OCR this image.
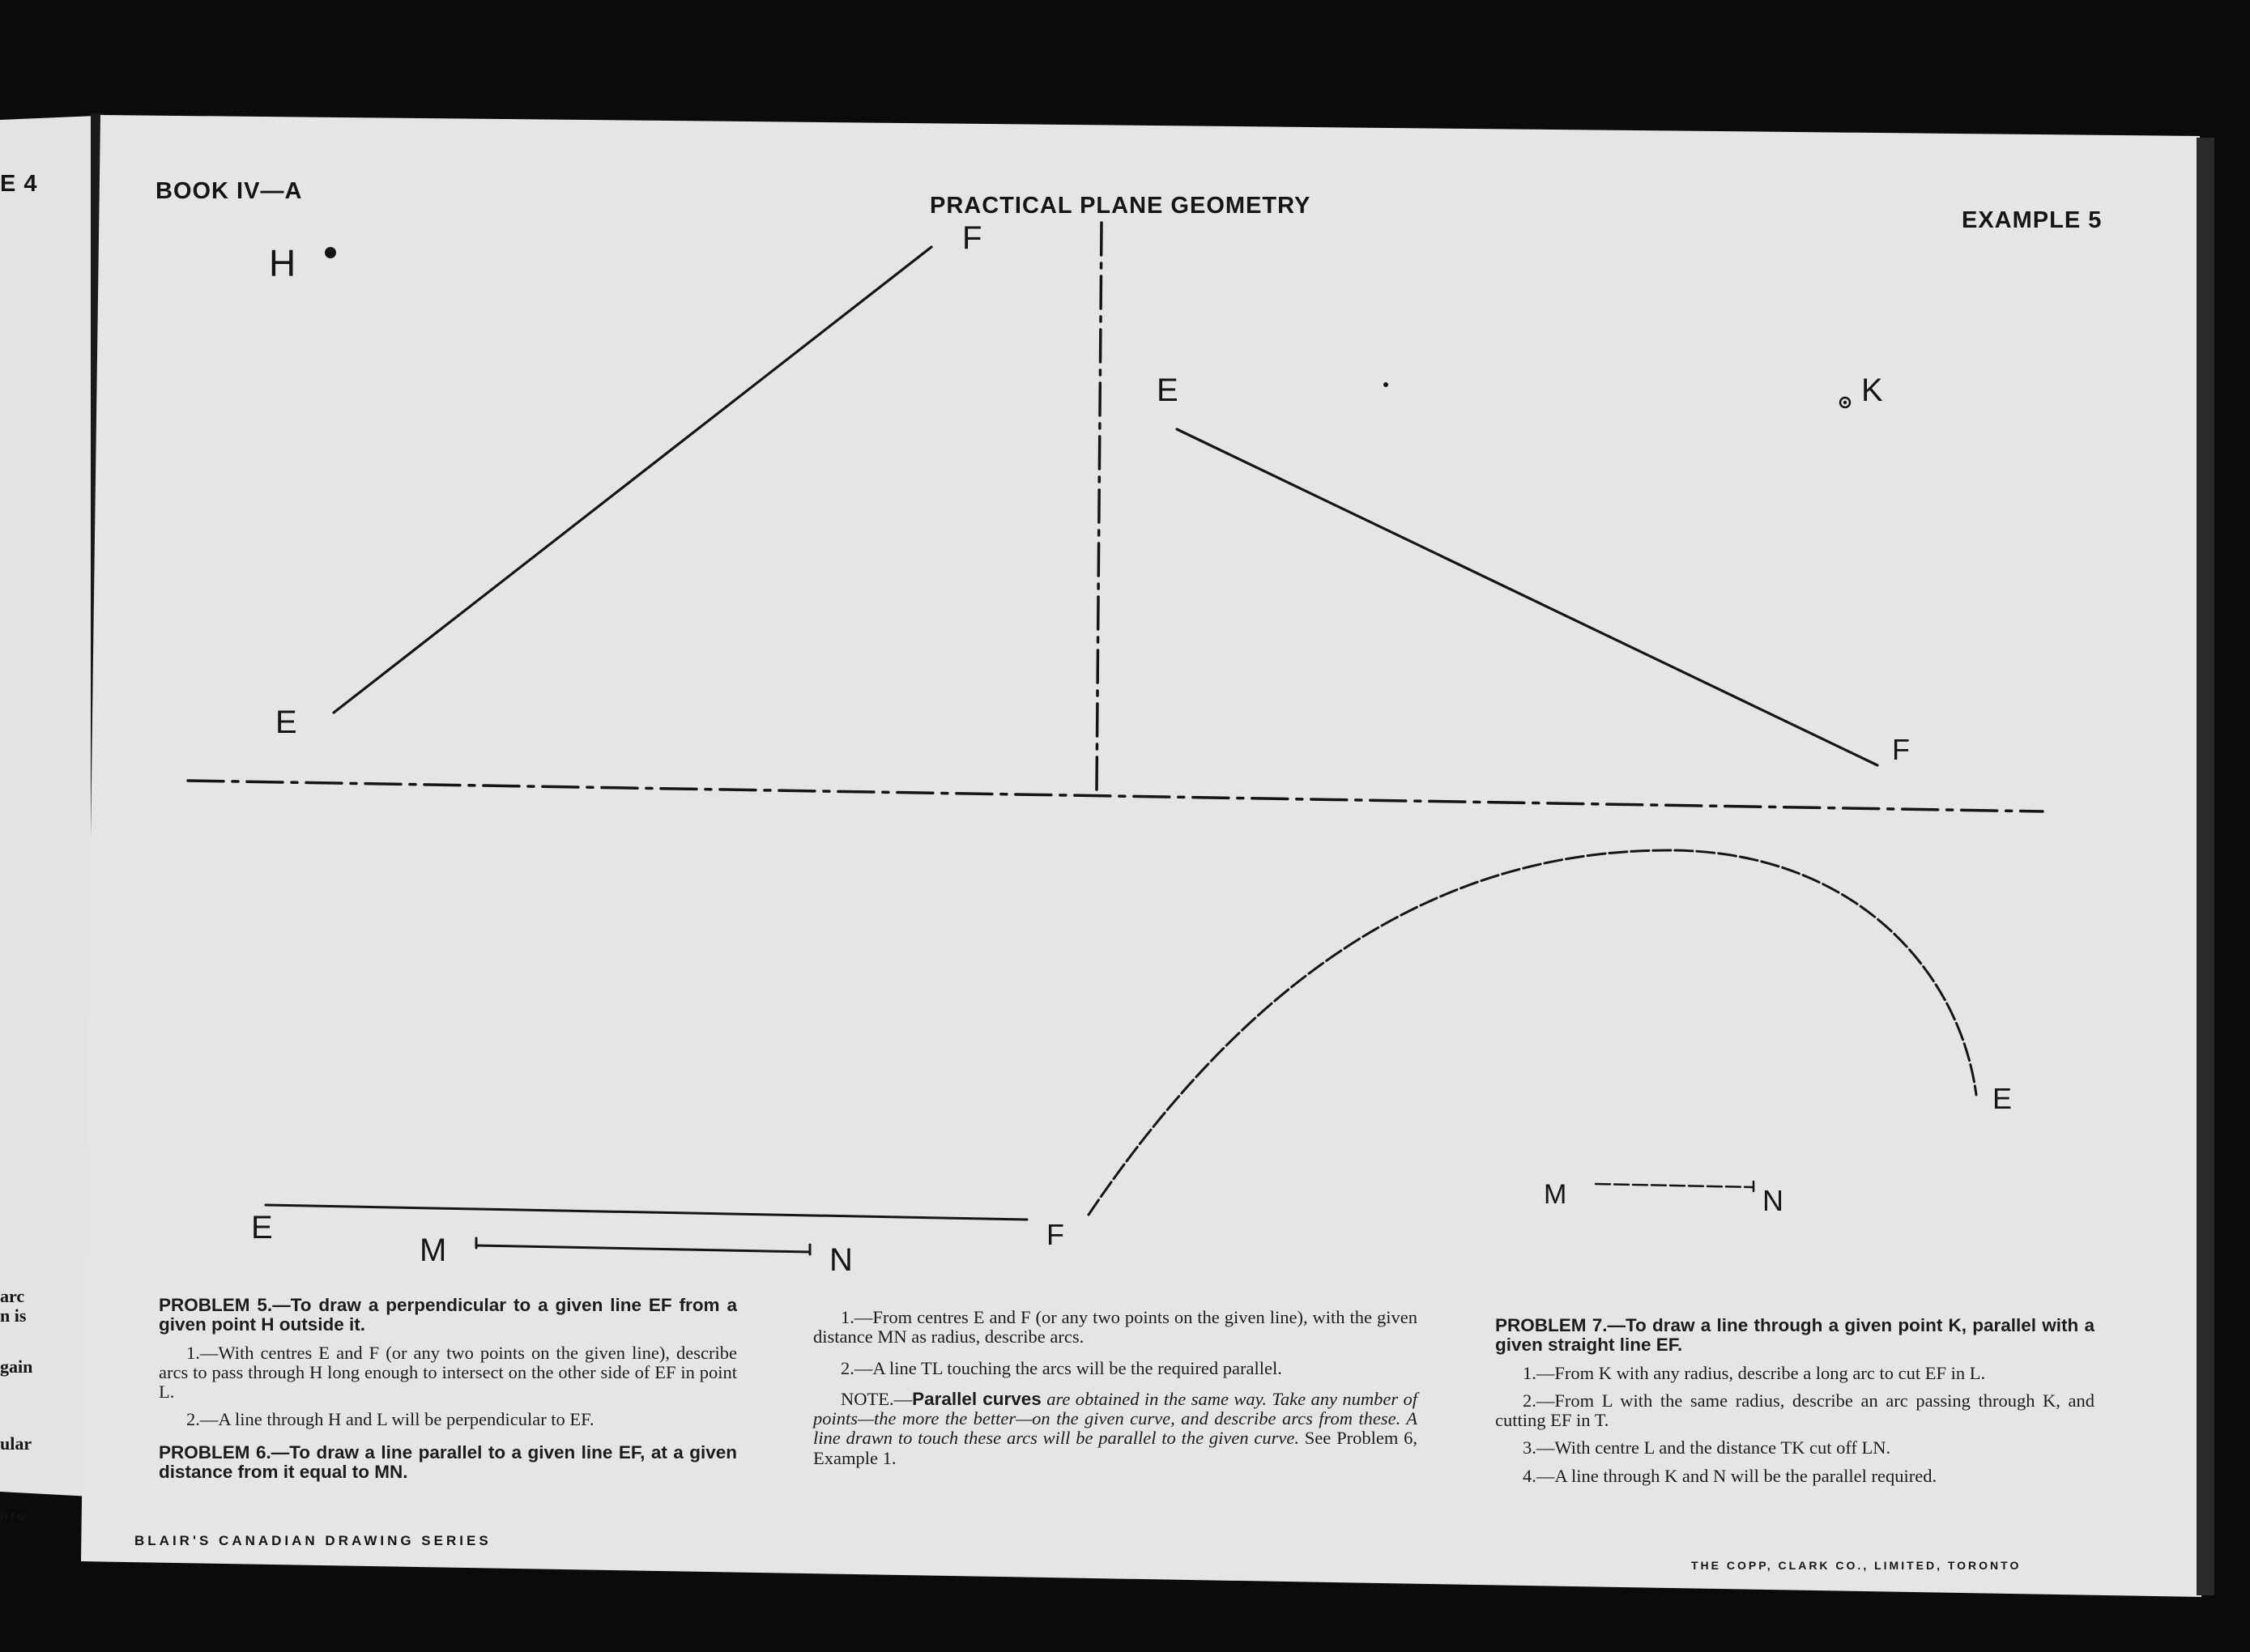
E 4
arc
n is
gain
ular
nto
BOOK IV—A
PRACTICAL PLANE GEOMETRY
EXAMPLE 5
H
F
E
E	K
F
E
M	N
F
E
M	N

PROBLEM 5.—To draw a perpendicular to a given line EF from a given point H outside it.

1.—With centres E and F (or any two points on the given line), describe arcs to pass through H long enough to intersect on the other side of EF in point L.

2.—A line through H and L will be perpendicular to EF.

PROBLEM 6.—To draw a line parallel to a given line EF, at a given distance from it equal to MN.

1.—From centres E and F (or any two points on the given line), with the given distance MN as radius, describe arcs.

2.—A line TL touching the arcs will be the required parallel.

NOTE.—Parallel curves are obtained in the same way. Take any number of points—the more the better—on the given curve, and describe arcs from these. A line drawn to touch these arcs will be parallel to the given curve. See Problem 6, Example 1.

PROBLEM 7.—To draw a line through a given point K, parallel with a given straight line EF.

1.—From K with any radius, describe a long arc to cut EF in L.

2.—From L with the same radius, describe an arc passing through K, and cutting EF in T.

3.—With centre L and the distance TK cut off LN.

4.—A line through K and N will be the parallel required.

BLAIR'S CANADIAN DRAWING SERIES
THE COPP, CLARK CO., LIMITED, TORONTO
